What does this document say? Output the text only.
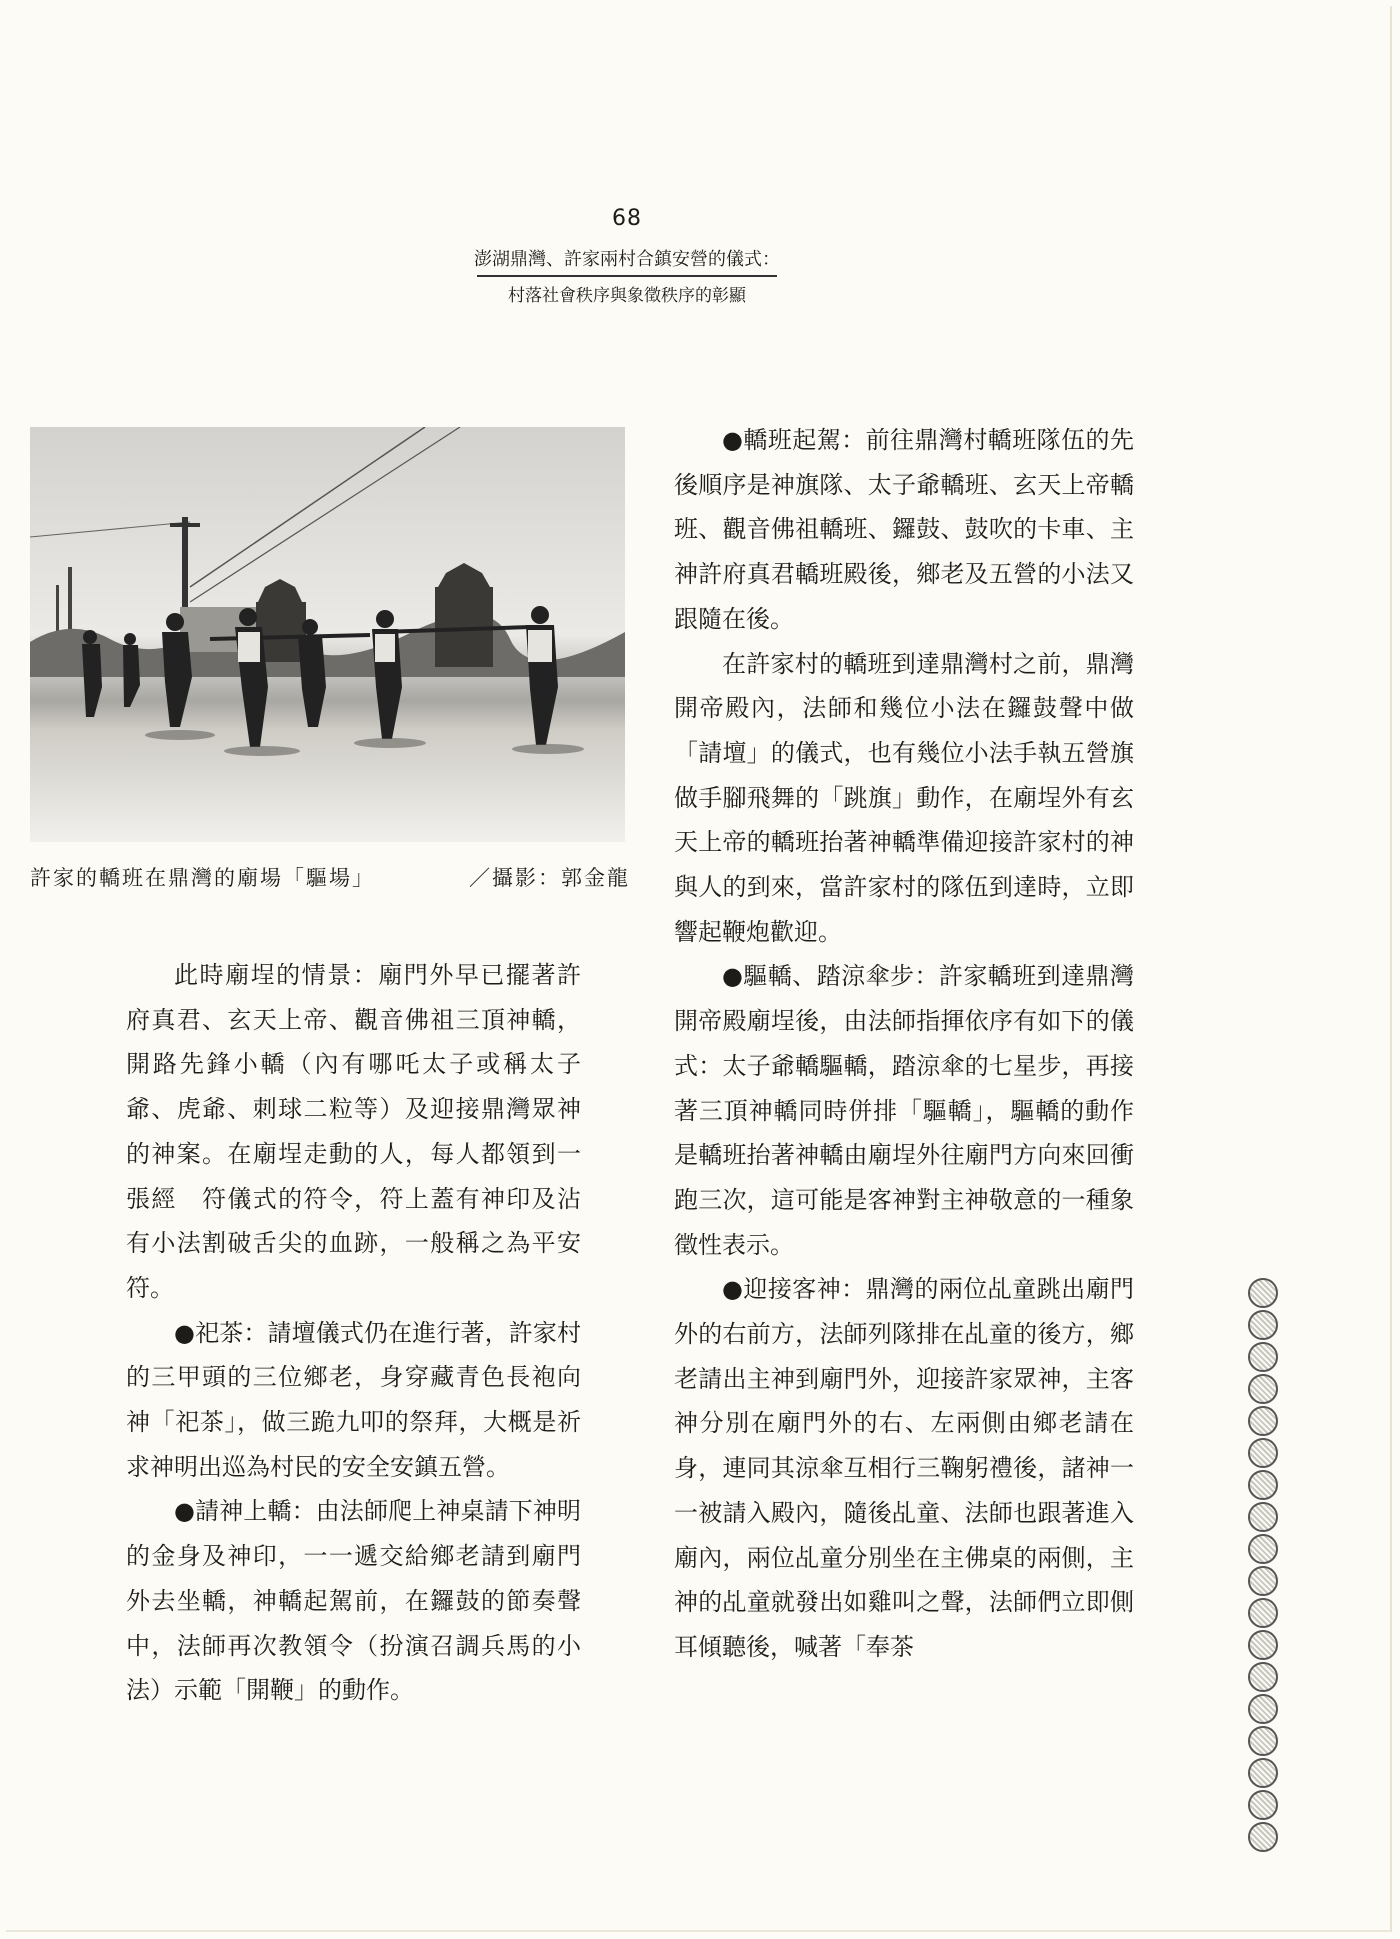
68
澎湖鼎灣、許家兩村合鎮安營的儀式：
村落社會秩序與象徵秩序的彰顯
許家的轎班在鼎灣的廟場「驅場」	／攝影：郭金龍

此時廟埕的情景：廟門外早已擺著許府真君、玄天上帝、觀音佛祖三頂神轎，開路先鋒小轎（內有哪吒太子或稱太子爺、虎爺、刺球二粒等）及迎接鼎灣眾神的神案。在廟埕走動的人，每人都領到一張經　符儀式的符令，符上蓋有神印及沾有小法割破舌尖的血跡，一般稱之為平安符。

●祀茶：請壇儀式仍在進行著，許家村的三甲頭的三位鄉老，身穿藏青色長袍向神「祀茶」，做三跪九叩的祭拜，大概是祈求神明出巡為村民的安全安鎮五營。

●請神上轎：由法師爬上神桌請下神明的金身及神印，一一遞交給鄉老請到廟門外去坐轎，神轎起駕前，在鑼鼓的節奏聲中，法師再次教領令（扮演召調兵馬的小法）示範「開鞭」的動作。

●轎班起駕：前往鼎灣村轎班隊伍的先後順序是神旗隊、太子爺轎班、玄天上帝轎班、觀音佛祖轎班、鑼鼓、鼓吹的卡車、主神許府真君轎班殿後，鄉老及五營的小法又跟隨在後。

在許家村的轎班到達鼎灣村之前，鼎灣開帝殿內，法師和幾位小法在鑼鼓聲中做「請壇」的儀式，也有幾位小法手執五營旗做手腳飛舞的「跳旗」動作，在廟埕外有玄天上帝的轎班抬著神轎準備迎接許家村的神與人的到來，當許家村的隊伍到達時，立即響起鞭炮歡迎。

●驅轎、踏涼傘步：許家轎班到達鼎灣開帝殿廟埕後，由法師指揮依序有如下的儀式：太子爺轎驅轎，踏涼傘的七星步，再接著三頂神轎同時併排「驅轎」，驅轎的動作是轎班抬著神轎由廟埕外往廟門方向來回衝跑三次，這可能是客神對主神敬意的一種象徵性表示。

●迎接客神：鼎灣的兩位乩童跳出廟門外的右前方，法師列隊排在乩童的後方，鄉老請出主神到廟門外，迎接許家眾神，主客神分別在廟門外的右、左兩側由鄉老請在身，連同其涼傘互相行三鞠躬禮後，諸神一一被請入殿內，隨後乩童、法師也跟著進入廟內，兩位乩童分別坐在主佛桌的兩側，主神的乩童就發出如雞叫之聲，法師們立即側耳傾聽後，喊著「奉茶
